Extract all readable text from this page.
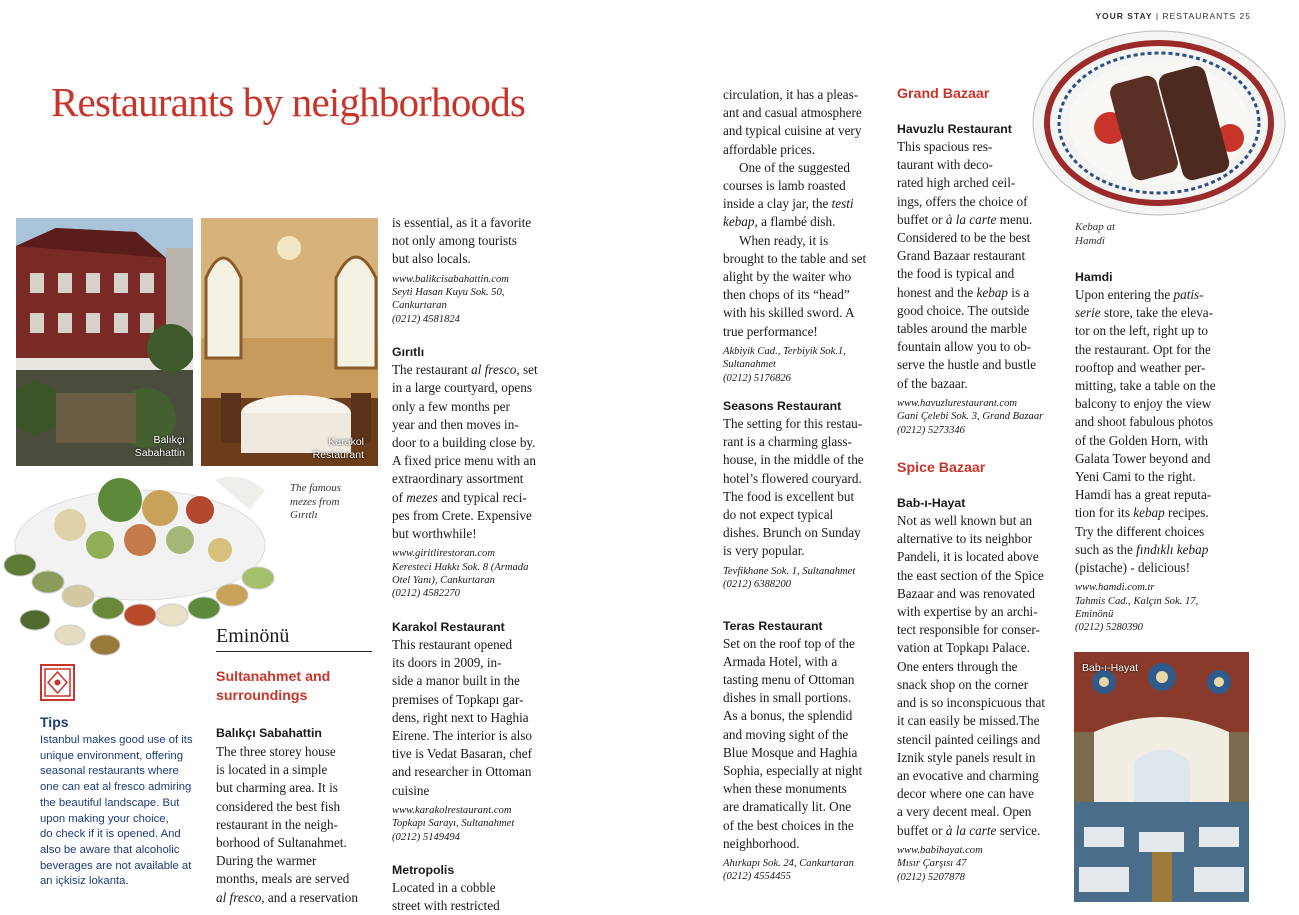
YOUR STAY | RESTAURANTS 25
Restaurants by neighborhoods
Balıkçı
Sabahattin
Karakol
Restaurant
The famous
mezes from
Gırıtlı
Tips
Istanbul makes good use of its
unique environment, offering
seasonal restaurants where
one can eat al fresco admiring
the beautiful landscape. But
upon making your choice,
do check if it is opened. And
also be aware that alcoholic
beverages are not available at
an içkisiz lokanta.
Eminönü
Sultanahmet and
surroundings

Balıkçı Sabahattin

The three storey house

is located in a simple

but charming area. It is

considered the best fish

restaurant in the neigh-

borhood of Sultanahmet.

During the warmer

months, meals are served

al fresco, and a reservation

is essential, as it a favorite

not only among tourists

but also locals.

www.balikcisabahattin.com
Seyti Hasan Kuyu Sok. 50,
Cankurtaran
(0212) 4581824

Gırıtlı

The restaurant al fresco, set

in a large courtyard, opens

only a few months per

year and then moves in-

door to a building close by.

A fixed price menu with an

extraordinary assortment

of mezes and typical reci-

pes from Crete. Expensive

but worthwhile!

www.giritlirestoran.com
Keresteci Hakkı Sok. 8 (Armada
Otel Yanı), Cankurtaran
(0212) 4582270

Karakol Restaurant

This restaurant opened

its doors in 2009, in-

side a manor built in the

premises of Topkapı gar-

dens, right next to Haghia

Eirene. The interior is also

tive is Vedat Basaran, chef

and researcher in Ottoman

cuisine

www.karakolrestaurant.com
Topkapı Sarayı, Sultanahmet
(0212) 5149494

Metropolis

Located in a cobble

street with restricted

circulation, it has a pleas-

ant and casual atmosphere

and typical cuisine at very

affordable prices.

One of the suggested

courses is lamb roasted

inside a clay jar, the testi

kebap, a flambé dish.

When ready, it is

brought to the table and set

alight by the waiter who

then chops of its “head”

with his skilled sword. A

true performance!

Akbiyik Cad., Terbiyik Sok.1,
Sultanahmet
(0212) 5176826

Seasons Restaurant

The setting for this restau-

rant is a charming glass-

house, in the middle of the

hotel’s flowered couryard.

The food is excellent but

do not expect typical

dishes. Brunch on Sunday

is very popular.

Tevfikhane Sok. 1, Sultanahmet
(0212) 6388200

Teras Restaurant

Set on the roof top of the

Armada Hotel, with a

tasting menu of Ottoman

dishes in small portions.

As a bonus, the splendid

and moving sight of the

Blue Mosque and Haghia

Sophia, especially at night

when these monuments

are dramatically lit. One

of the best choices in the

neighborhood.

Ahırkapı Sok. 24, Cankurtaran
(0212) 4554455
Grand Bazaar

Havuzlu Restaurant

This spacious res-

taurant with deco-

rated high arched ceil-

ings, offers the choice of

buffet or à la carte menu.

Considered to be the best

Grand Bazaar restaurant

the food is typical and

honest and the kebap is a

good choice. The outside

tables around the marble

fountain allow you to ob-

serve the hustle and bustle

of the bazaar.

www.havuzlurestaurant.com
Gani Çelebi Sok. 3, Grand Bazaar
(0212) 5273346
Spice Bazaar

Bab-ı-Hayat

Not as well known but an

alternative to its neighbor

Pandeli, it is located above

the east section of the Spice

Bazaar and was renovated

with expertise by an archi-

tect responsible for conser-

vation at Topkapı Palace.

One enters through the

snack shop on the corner

and is so inconspicuous that

it can easily be missed.The

stencil painted ceilings and

Iznik style panels result in

an evocative and charming

decor where one can have

a very decent meal. Open

buffet or à la carte service.

www.babihayat.com
Mısır Çarşısı 47
(0212) 5207878
Kebap at
Hamdi

Hamdi

Upon entering the patis-

serie store, take the eleva-

tor on the left, right up to

the restaurant. Opt for the

rooftop and weather per-

mitting, take a table on the

balcony to enjoy the view

and shoot fabulous photos

of the Golden Horn, with

Galata Tower beyond and

Yeni Cami to the right.

Hamdi has a great reputa-

tion for its kebap recipes.

Try the different choices

such as the fındıklı kebap

(pistache) - delicious!

www.hamdi.com.tr
Tahmis Cad., Kalçın Sok. 17,
Eminönü
(0212) 5280390
Bab-ı-Hayat
